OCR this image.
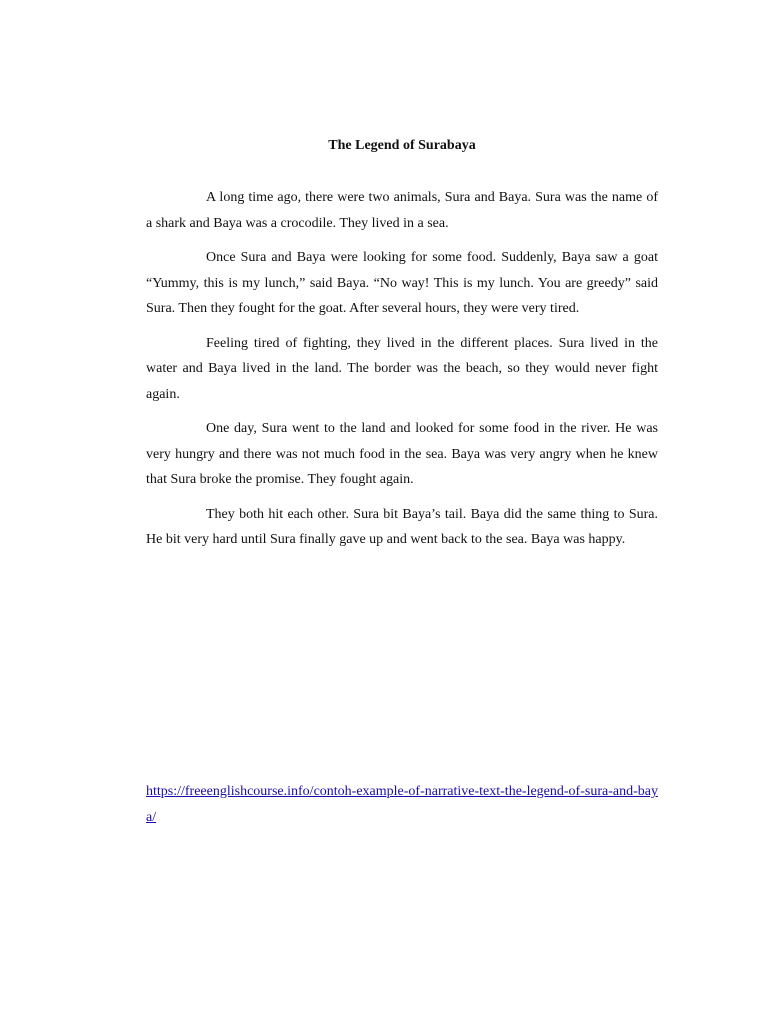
The Legend of Surabaya

A long time ago, there were two animals, Sura and Baya. Sura was the name of a shark and Baya was a crocodile. They lived in a sea.

Once Sura and Baya were looking for some food. Suddenly, Baya saw a goat “Yummy, this is my lunch,” said Baya. “No way! This is my lunch. You are greedy” said Sura. Then they fought for the goat. After several hours, they were very tired.

Feeling tired of fighting, they lived in the different places. Sura lived in the water and Baya lived in the land. The border was the beach, so they would never fight again.

One day, Sura went to the land and looked for some food in the river. He was very hungry and there was not much food in the sea. Baya was very angry when he knew that Sura broke the promise. They fought again.

They both hit each other. Sura bit Baya’s tail. Baya did the same thing to Sura. He bit very hard until Sura finally gave up and went back to the sea. Baya was happy.

https://freeenglishcourse.info/contoh-example-of-narrative-text-the-legend-of-sura-and-baya/
